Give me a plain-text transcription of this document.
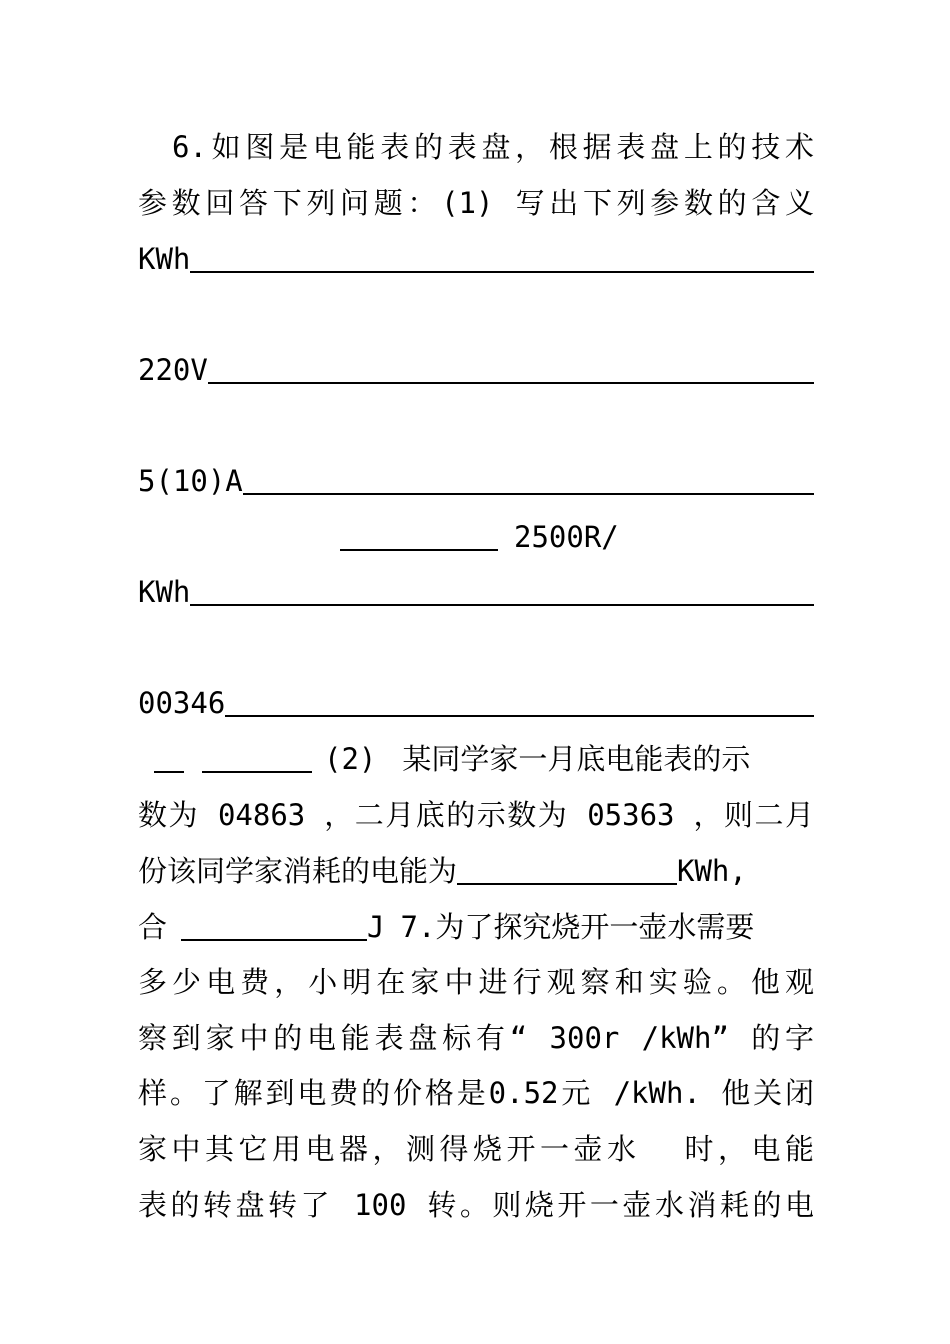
6.如图是电能表的表盘，根据表盘上的技术
参数回答下列问题：(1) 写出下列参数的含义
KWh

220V

5(10)A
2500R/
KWh

00346
(2) 某同学家一月底电能表的示
数为 04863 ，二月底的示数为 05363 ，则二月
份该同学家消耗的电能为	KWh,
合	J 7.为了探究烧开一壶水需要
多少电费，小明在家中进行观察和实验。他观
察到家中的电能表盘标有“ 300r /kWh” 的字
样。了解到电费的价格是0.52元 /kWh. 他关闭
家中其它用电器，测得烧开一壶水  时，电能
表的转盘转了 100 转。则烧开一壶水消耗的电
